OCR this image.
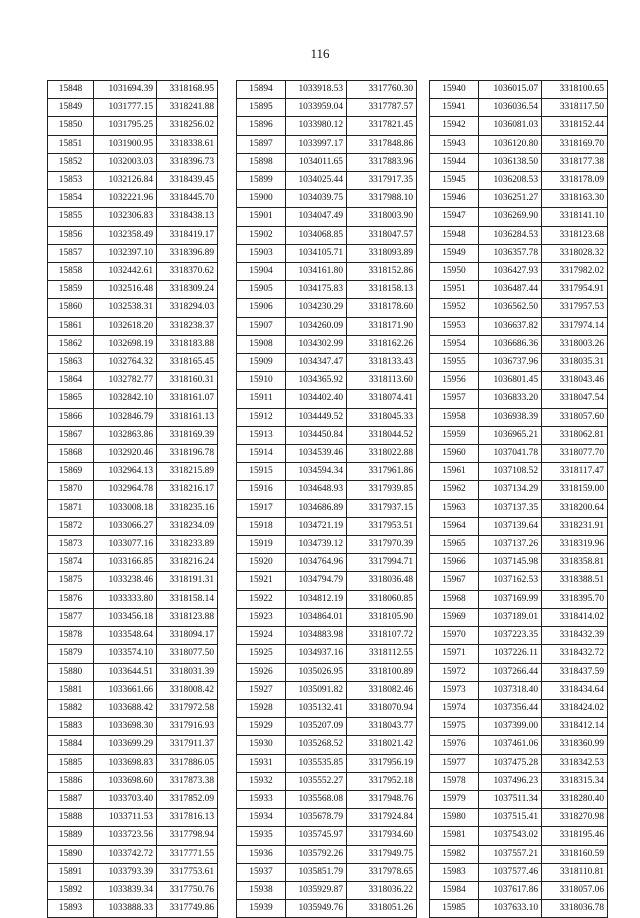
116
15848	1031694.39	3318168.95
15849	1031777.15	3318241.88
15850	1031795.25	3318256.02
15851	1031900.95	3318338.61
15852	1032003.03	3318396.73
15853	1032126.84	3318439.45
15854	1032221.96	3318445.70
15855	1032306.83	3318438.13
15856	1032358.49	3318419.17
15857	1032397.10	3318396.89
15858	1032442.61	3318370.62
15859	1032516.48	3318309.24
15860	1032538.31	3318294.03
15861	1032618.20	3318238.37
15862	1032698.19	3318183.88
15863	1032764.32	3318165.45
15864	1032782.77	3318160.31
15865	1032842.10	3318161.07
15866	1032846.79	3318161.13
15867	1032863.86	3318169.39
15868	1032920.46	3318196.78
15869	1032964.13	3318215.89
15870	1032964.78	3318216.17
15871	1033008.18	3318235.16
15872	1033066.27	3318234.09
15873	1033077.16	3318233.89
15874	1033166.85	3318216.24
15875	1033238.46	3318191.31
15876	1033333.80	3318158.14
15877	1033456.18	3318123.88
15878	1033548.64	3318094.17
15879	1033574.10	3318077.50
15880	1033644.51	3318031.39
15881	1033661.66	3318008.42
15882	1033688.42	3317972.58
15883	1033698.30	3317916.93
15884	1033699.29	3317911.37
15885	1033698.83	3317886.05
15886	1033698.60	3317873.38
15887	1033703.40	3317852.09
15888	1033711.53	3317816.13
15889	1033723.56	3317798.94
15890	1033742.72	3317771.55
15891	1033793.39	3317753.61
15892	1033839.34	3317750.76
15893	1033888.33	3317749.86
15894	1033918.53	3317760.30
15895	1033959.04	3317787.57
15896	1033980.12	3317821.45
15897	1033997.17	3317848.86
15898	1034011.65	3317883.96
15899	1034025.44	3317917.35
15900	1034039.75	3317988.10
15901	1034047.49	3318003.90
15902	1034068.85	3318047.57
15903	1034105.71	3318093.89
15904	1034161.80	3318152.86
15905	1034175.83	3318158.13
15906	1034230.29	3318178.60
15907	1034260.09	3318171.90
15908	1034302.99	3318162.26
15909	1034347.47	3318133.43
15910	1034365.92	3318113.60
15911	1034402.40	3318074.41
15912	1034449.52	3318045.33
15913	1034450.84	3318044.52
15914	1034539.46	3318022.88
15915	1034594.34	3317961.86
15916	1034648.93	3317939.85
15917	1034686.89	3317937.15
15918	1034721.19	3317953.51
15919	1034739.12	3317970.39
15920	1034764.96	3317994.71
15921	1034794.79	3318036.48
15922	1034812.19	3318060.85
15923	1034864.01	3318105.90
15924	1034883.98	3318107.72
15925	1034937.16	3318112.55
15926	1035026.95	3318100.89
15927	1035091.82	3318082.46
15928	1035132.41	3318070.94
15929	1035207.09	3318043.77
15930	1035268.52	3318021.42
15931	1035535.85	3317956.19
15932	1035552.27	3317952.18
15933	1035568.08	3317948.76
15934	1035678.79	3317924.84
15935	1035745.97	3317934.60
15936	1035792.26	3317949.75
15937	1035851.79	3317978.65
15938	1035929.87	3318036.22
15939	1035949.76	3318051.26
15940	1036015.07	3318100.65
15941	1036036.54	3318117.50
15942	1036081.03	3318152.44
15943	1036120.80	3318169.70
15944	1036138.50	3318177.38
15945	1036208.53	3318178.09
15946	1036251.27	3318163.30
15947	1036269.90	3318141.10
15948	1036284.53	3318123.68
15949	1036357.78	3318028.32
15950	1036427.93	3317982.02
15951	1036487.44	3317954.91
15952	1036562.50	3317957.53
15953	1036637.82	3317974.14
15954	1036686.36	3318003.26
15955	1036737.96	3318035.31
15956	1036801.45	3318043.46
15957	1036833.20	3318047.54
15958	1036938.39	3318057.60
15959	1036965.21	3318062.81
15960	1037041.78	3318077.70
15961	1037108.52	3318117.47
15962	1037134.29	3318159.00
15963	1037137.35	3318200.64
15964	1037139.64	3318231.91
15965	1037137.26	3318319.96
15966	1037145.98	3318358.81
15967	1037162.53	3318388.51
15968	1037169.99	3318395.70
15969	1037189.01	3318414.02
15970	1037223.35	3318432.39
15971	1037226.11	3318432.72
15972	1037266.44	3318437.59
15973	1037318.40	3318434.64
15974	1037356.44	3318424.02
15975	1037399.00	3318412.14
15976	1037461.06	3318360.99
15977	1037475.28	3318342.53
15978	1037496.23	3318315.34
15979	1037511.34	3318280.40
15980	1037515.41	3318270.98
15981	1037543.02	3318195.46
15982	1037557.21	3318160.59
15983	1037577.46	3318110.81
15984	1037617.86	3318057.06
15985	1037633.10	3318036.78
